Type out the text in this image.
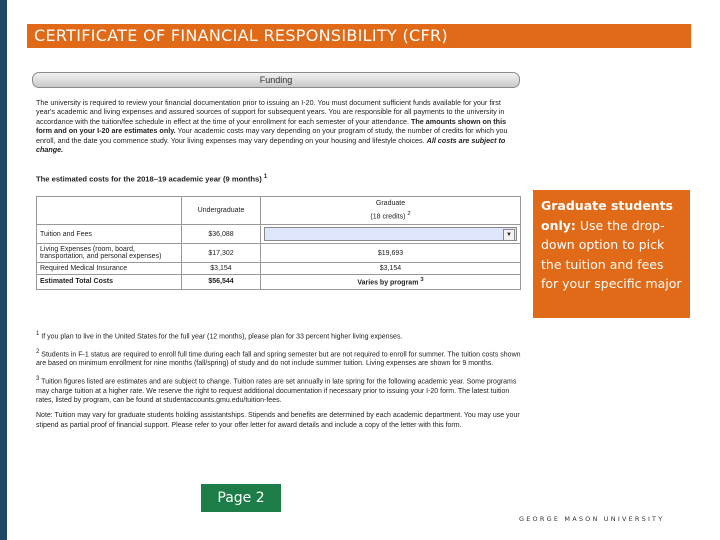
CERTIFICATE OF FINANCIAL RESPONSIBILITY (CFR)
Funding
The university is required to review your financial documentation prior to issuing an I-20. You must document sufficient funds available for your first year's academic and living expenses and assured sources of support for subsequent years. You are responsible for all payments to the university in accordance with the tuition/fee schedule in effect at the time of your enrollment for each semester of your attendance. The amounts shown on this form and on your I-20 are estimates only. Your academic costs may vary depending on your program of study, the number of credits for which you enroll, and the date you commence study. Your living expenses may vary depending on your housing and lifestyle choices. All costs are subject to change.
The estimated costs for the 2018–19 academic year (9 months) $^1$
	Undergraduate	Graduate
(18 credits) $^2$
Tuition and Fees	$36,088	▼

Living Expenses (room, board, transportation, and personal expenses)	$17,302	$19,693
Required Medical Insurance	$3,154	$3,154
Estimated Total Costs	$56,544	Varies by program $^3$

$^1$ If you plan to live in the United States for the full year (12 months), please plan for 33 percent higher living expenses.

$^2$ Students in F-1 status are required to enroll full time during each fall and spring semester but are not required to enroll for summer. The tuition costs shown are based on minimum enrollment for nine months (fall/spring) of study and do not include summer tuition. Living expenses are shown for 9 months.

$^3$ Tuition figures listed are estimates and are subject to change. Tuition rates are set annually in late spring for the following academic year. Some programs may charge tuition at a higher rate. We reserve the right to request additional documentation if necessary prior to issuing your I-20 form. The latest tuition rates, listed by program, can be found at studentaccounts.gmu.edu/tuition-fees.

Note: Tuition may vary for graduate students holding assistantships. Stipends and benefits are determined by each academic department. You may use your stipend as partial proof of financial support. Please refer to your offer letter for award details and include a copy of the letter with this form.

Graduate students only: Use the drop-down option to pick the tuition and fees for your specific major
Page 2
GEORGE MASON UNIVERSITY
